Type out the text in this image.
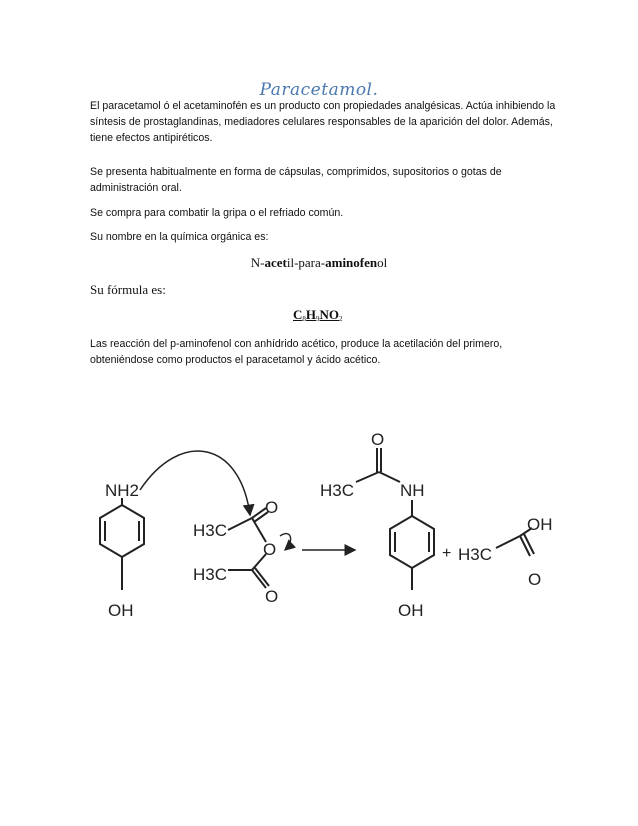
Paracetamol.
El paracetamol ó el acetaminofén es un producto con propiedades analgésicas. Actúa inhibiendo la síntesis de prostaglandinas, mediadores celulares responsables de la aparición del dolor. Además, tiene efectos antipiréticos.
Se presenta habitualmente en forma de cápsulas, comprimidos, supositorios o gotas de administración oral.
Se compra para combatir la gripa o el refriado común.
Su nombre en la química orgánica es:
N-acetil-para-aminofenol
Su fórmula es:
$C_8H_9NO_2$
Las reacción del p-aminofenol con anhídrido acético, produce la acetilación del primero, obteniéndose como productos el paracetamol y ácido acético.
NH2
OH
O
H3C
O
H3C
O
O
H3C	NH
OH
+ H3C
OH
O
